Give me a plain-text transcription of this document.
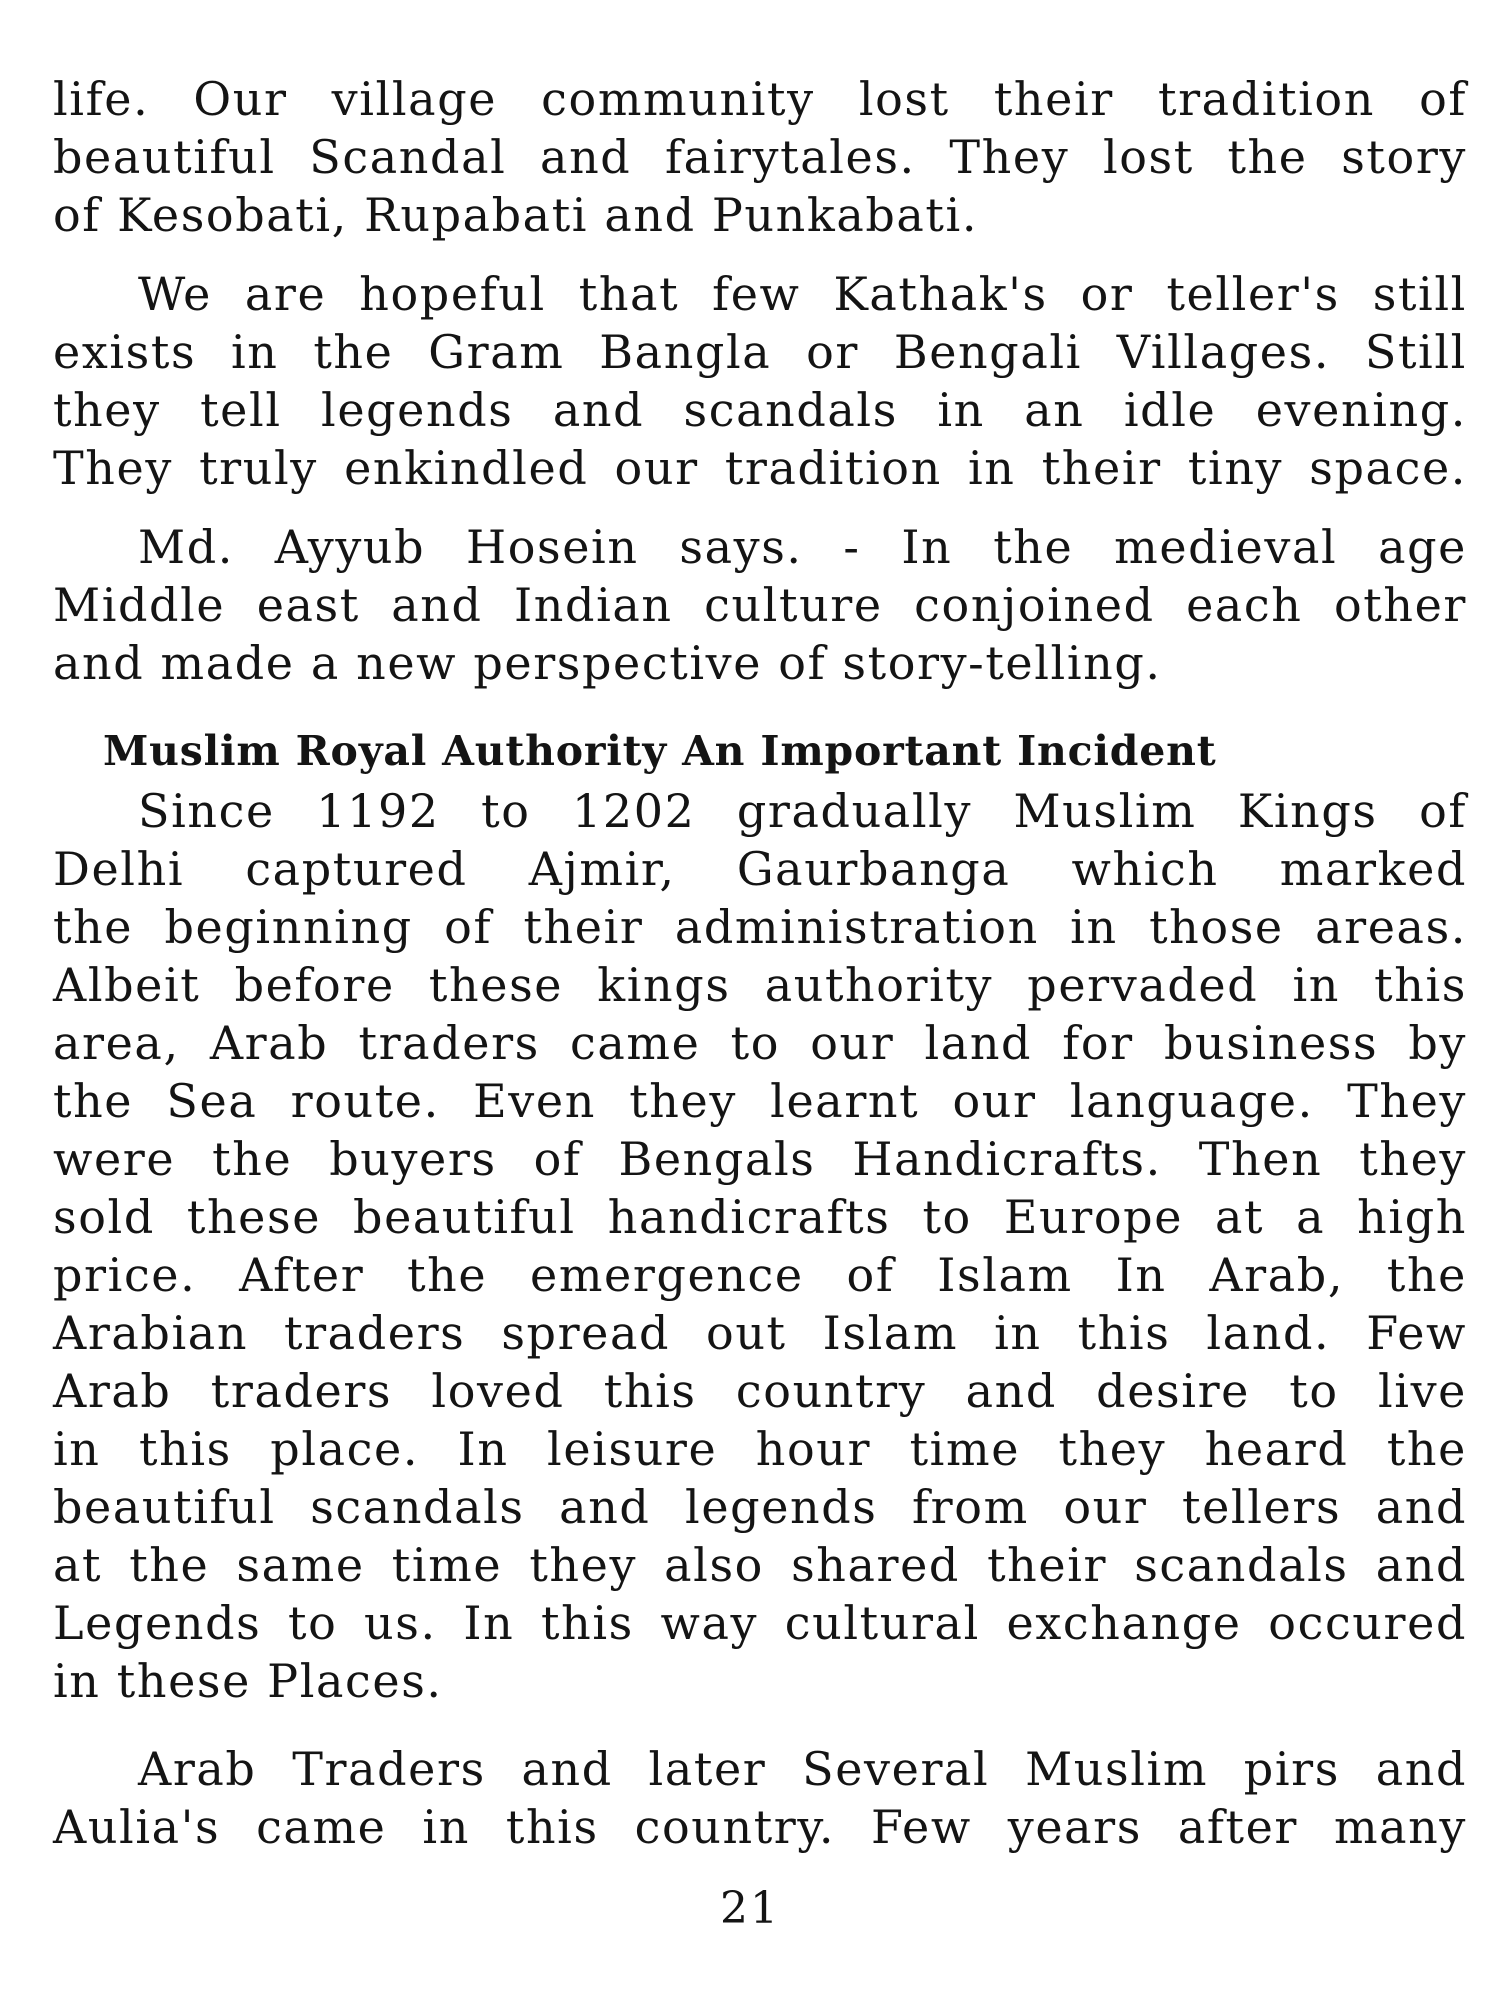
life. Our village community lost their tradition of
beautiful Scandal and fairytales. They lost the story
of Kesobati, Rupabati and Punkabati.
We are hopeful that few Kathak's or teller's still
exists in the Gram Bangla or Bengali Villages. Still
they tell legends and scandals in an idle evening.
They truly enkindled our tradition in their tiny space.
Md. Ayyub Hosein says. - In the medieval age
Middle east and Indian culture conjoined each other
and made a new perspective of story-telling.
Muslim Royal Authority An Important Incident
Since 1192 to 1202 gradually Muslim Kings of
Delhi captured Ajmir, Gaurbanga which marked
the beginning of their administration in those areas.
Albeit before these kings authority pervaded in this
area, Arab traders came to our land for business by
the Sea route. Even they learnt our language. They
were the buyers of Bengals Handicrafts. Then they
sold these beautiful handicrafts to Europe at a high
price. After the emergence of Islam In Arab, the
Arabian traders spread out Islam in this land. Few
Arab traders loved this country and desire to live
in this place. In leisure hour time they heard the
beautiful scandals and legends from our tellers and
at the same time they also shared their scandals and
Legends to us. In this way cultural exchange occured
in these Places.
Arab Traders and later Several Muslim pirs and
Aulia's came in this country. Few years after many
21
